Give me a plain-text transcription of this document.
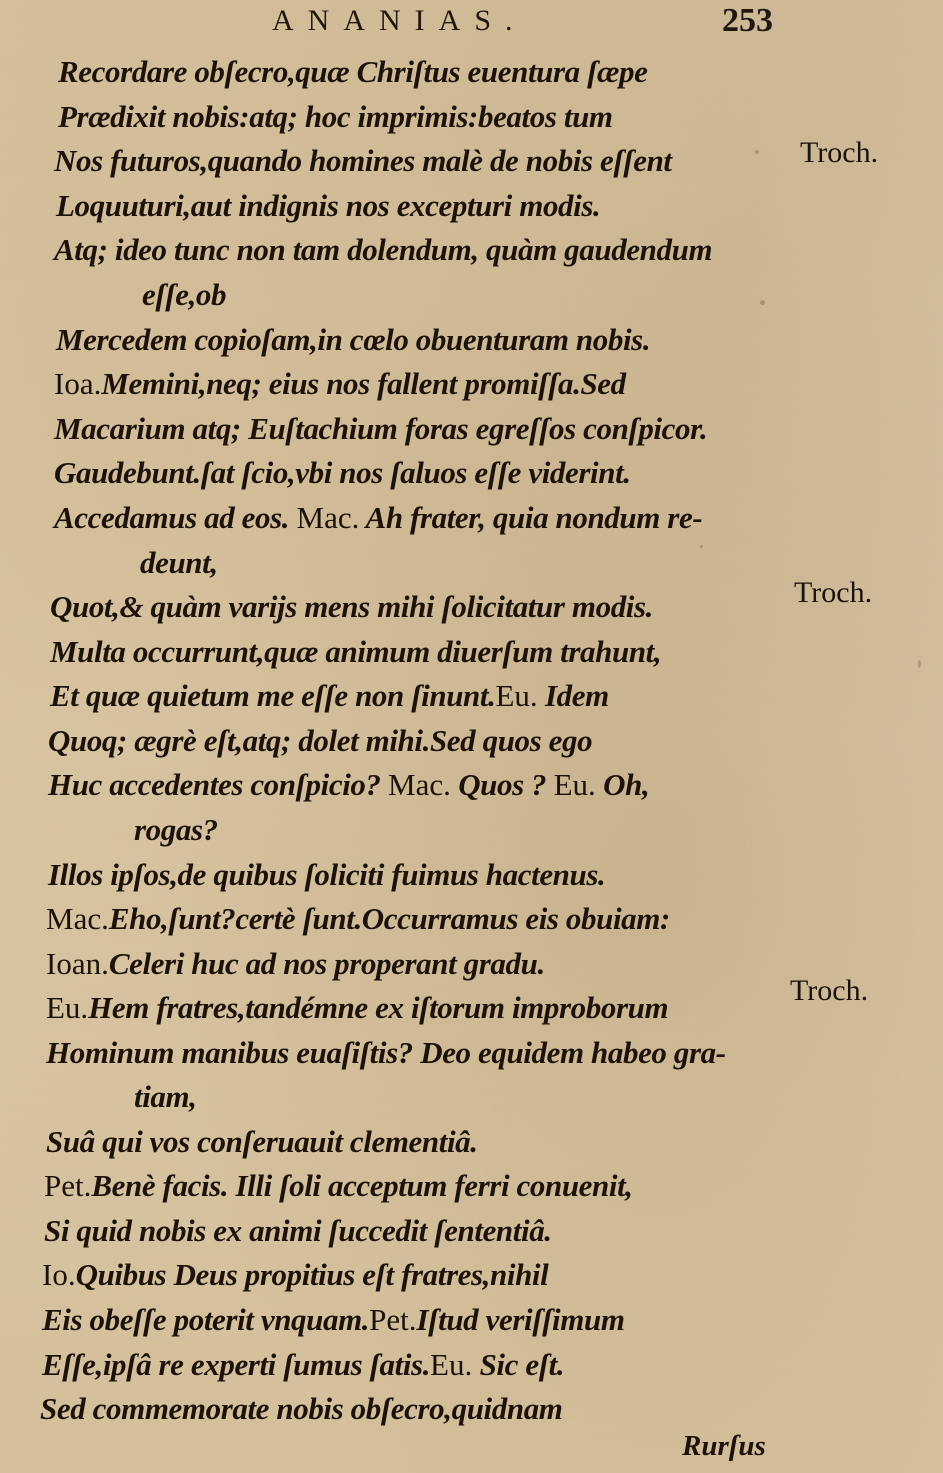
ANANIAS.	253
Recordare obſecro,quæ Chriſtus euentura ſæpe
Prædixit nobis:atq; hoc imprimis:beatos tum
Nos futuros,quando homines malè de nobis eſſent
Loquuturi,aut indignis nos excepturi modis.
Atq; ideo tunc non tam dolendum, quàm gaudendum
eſſe,ob
Mercedem copioſam,in cœlo obuenturam nobis.
Ioa.Memini,neq; eius nos fallent promiſſa.Sed
Macarium atq; Euſtachium foras egreſſos conſpicor.
Gaudebunt.ſat ſcio,vbi nos ſaluos eſſe viderint.
Accedamus ad eos. Mac. Ah frater, quia nondum re-
deunt,
Quot,& quàm varijs mens mihi ſolicitatur modis.
Multa occurrunt,quæ animum diuerſum trahunt,
Et quæ quietum me eſſe non ſinunt.Eu. Idem
Quoq; ægrè eſt,atq; dolet mihi.Sed quos ego
Huc accedentes conſpicio? Mac. Quos ? Eu. Oh,
rogas?
Illos ipſos,de quibus ſoliciti fuimus hactenus.
Mac.Eho,ſunt?certè ſunt.Occurramus eis obuiam:
Ioan.Celeri huc ad nos properant gradu.
Eu.Hem fratres,tandémne ex iſtorum improborum
Hominum manibus euaſiſtis? Deo equidem habeo gra-
tiam,
Suâ qui vos conſeruauit clementiâ.
Pet.Benè facis. Illi ſoli acceptum ferri conuenit,
Si quid nobis ex animi ſuccedit ſententiâ.
Io.Quibus Deus propitius eſt fratres,nihil
Eis obeſſe poterit vnquam.Pet.Iſtud veriſſimum
Eſſe,ipſâ re experti ſumus ſatis.Eu. Sic eſt.
Sed commemorate nobis obſecro,quidnam
Troch.
Troch.
Troch.
Rurſus
